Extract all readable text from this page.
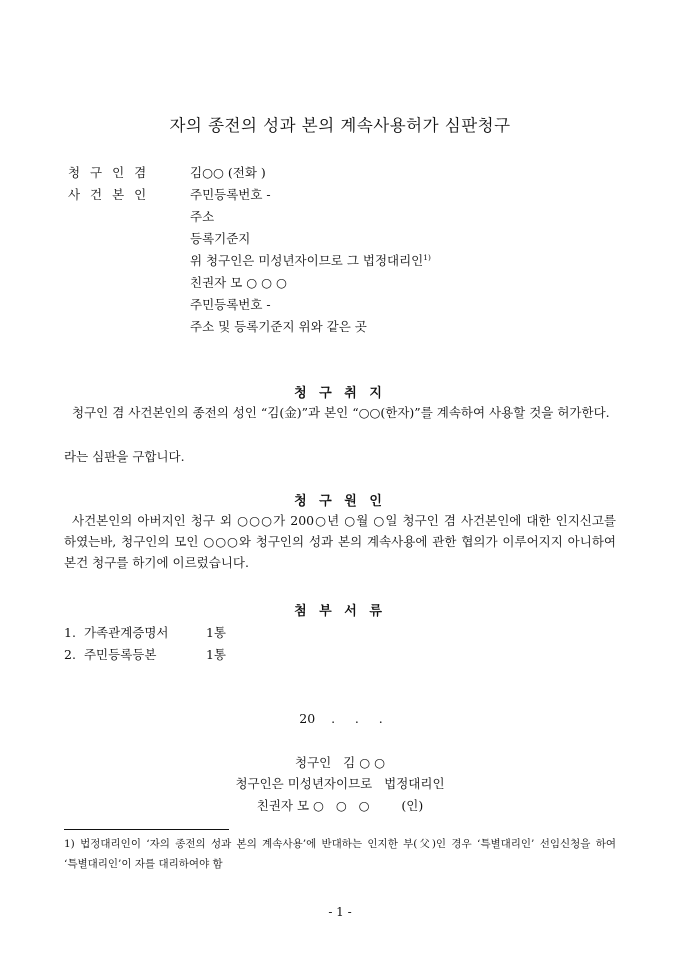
자의 종전의 성과 본의 계속사용허가 심판청구
청 구 인 겸	김○○ (전화 )
사 건 본 인	주민등록번호 -
주소
등록기준지
위 청구인은 미성년자이므로 그 법정대리인$^{1)}$
친권자 모 ○ ○ ○
주민등록번호 -
주소 및 등록기준지 위와 같은 곳
청 구 취 지
청구인 겸 사건본인의 종전의 성인 “김(金)”과 본인 “○○(한자)”를 계속하여 사용할 것을 허가한다.
라는 심판을 구합니다.
청 구 원 인
사건본인의 아버지인 청구 외 ○○○가 200○년 ○월 ○일 청구인 겸 사건본인에 대한 인지신고를 하였는바, 청구인의 모인 ○○○와 청구인의 성과 본의 계속사용에 관한 협의가 이루어지지 아니하여 본건 청구를 하기에 이르렀습니다.
첨 부 서 류
1. 가족관계증명서	1통
2. 주민등록등본	1통
20    .     .     .
청구인   김 ○ ○
청구인은 미성년자이므로   법정대리인
친권자 모 ○   ○   ○        (인)
1) 법정대리인이 ‘자의 종전의 성과 본의 계속사용’에 반대하는 인지한 부(父)인 경우 ‘특별대리인’ 선임신청을 하여 ‘특별대리인’이 자를 대리하여야 함
- 1 -
